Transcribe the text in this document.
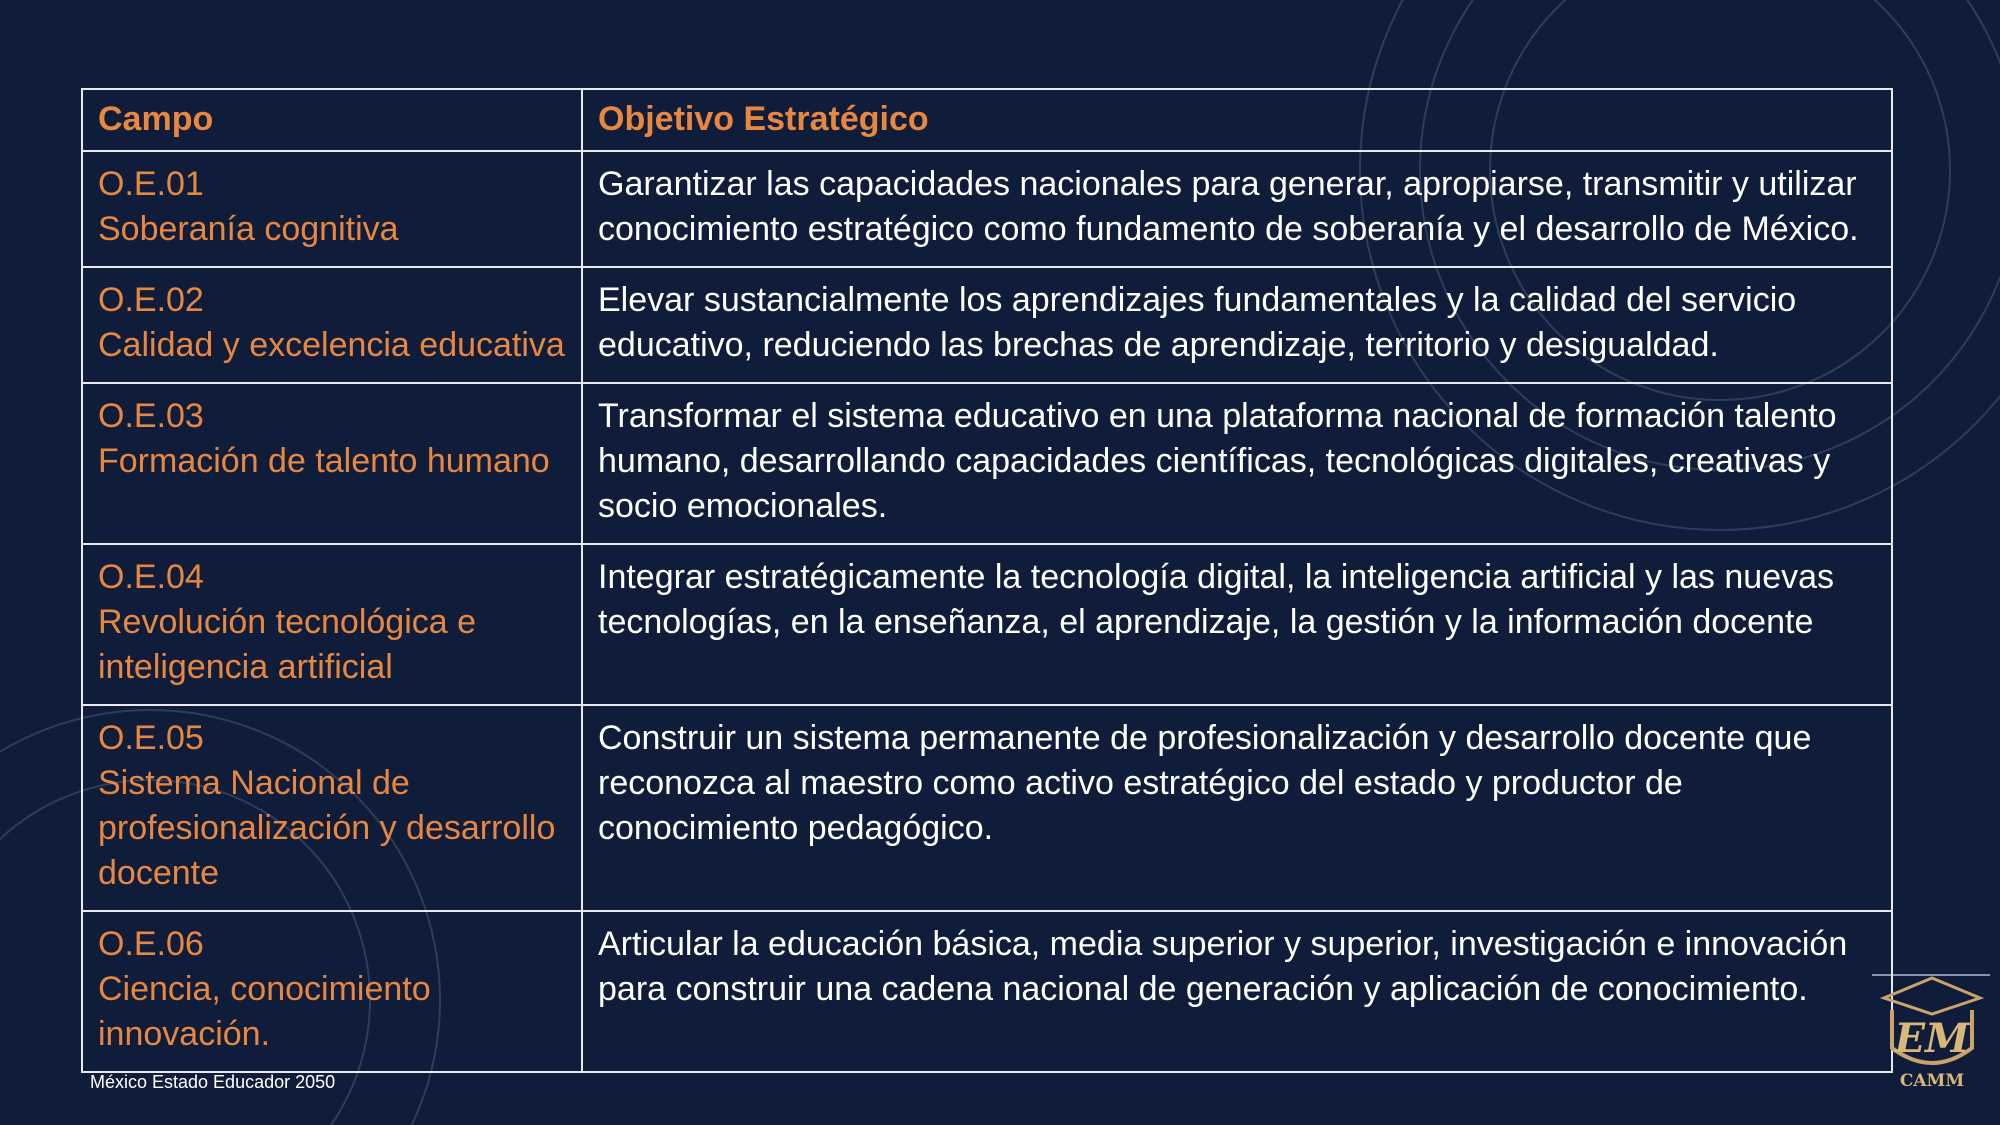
Campo	Objetivo Estratégico

O.E.01
Soberanía cognitiva	Garantizar las capacidades nacionales para generar, apropiarse, transmitir y utilizar conocimiento estratégico como fundamento de soberanía y el desarrollo de México.

O.E.02
Calidad y excelencia educativa	Elevar sustancialmente los aprendizajes fundamentales y la calidad del servicio educativo, reduciendo las brechas de aprendizaje, territorio y desigualdad.

O.E.03
Formación de talento humano	Transformar el sistema educativo en una plataforma nacional de formación talento humano, desarrollando capacidades científicas, tecnológicas digitales, creativas y socio emocionales.

O.E.04
Revolución tecnológica e inteligencia artificial	Integrar estratégicamente la tecnología digital, la inteligencia artificial y las nuevas tecnologías, en la enseñanza, el aprendizaje, la gestión y la información docente

O.E.05
Sistema Nacional de profesionalización y desarrollo docente	Construir un sistema permanente de profesionalización y desarrollo docente que reconozca al maestro como activo estratégico del estado y productor de conocimiento pedagógico.

O.E.06
Ciencia, conocimiento innovación.	Articular la educación básica, media superior y superior, investigación e innovación para construir una cadena nacional de generación y aplicación de conocimiento.
México Estado Educador 2050
EM
CAMM
